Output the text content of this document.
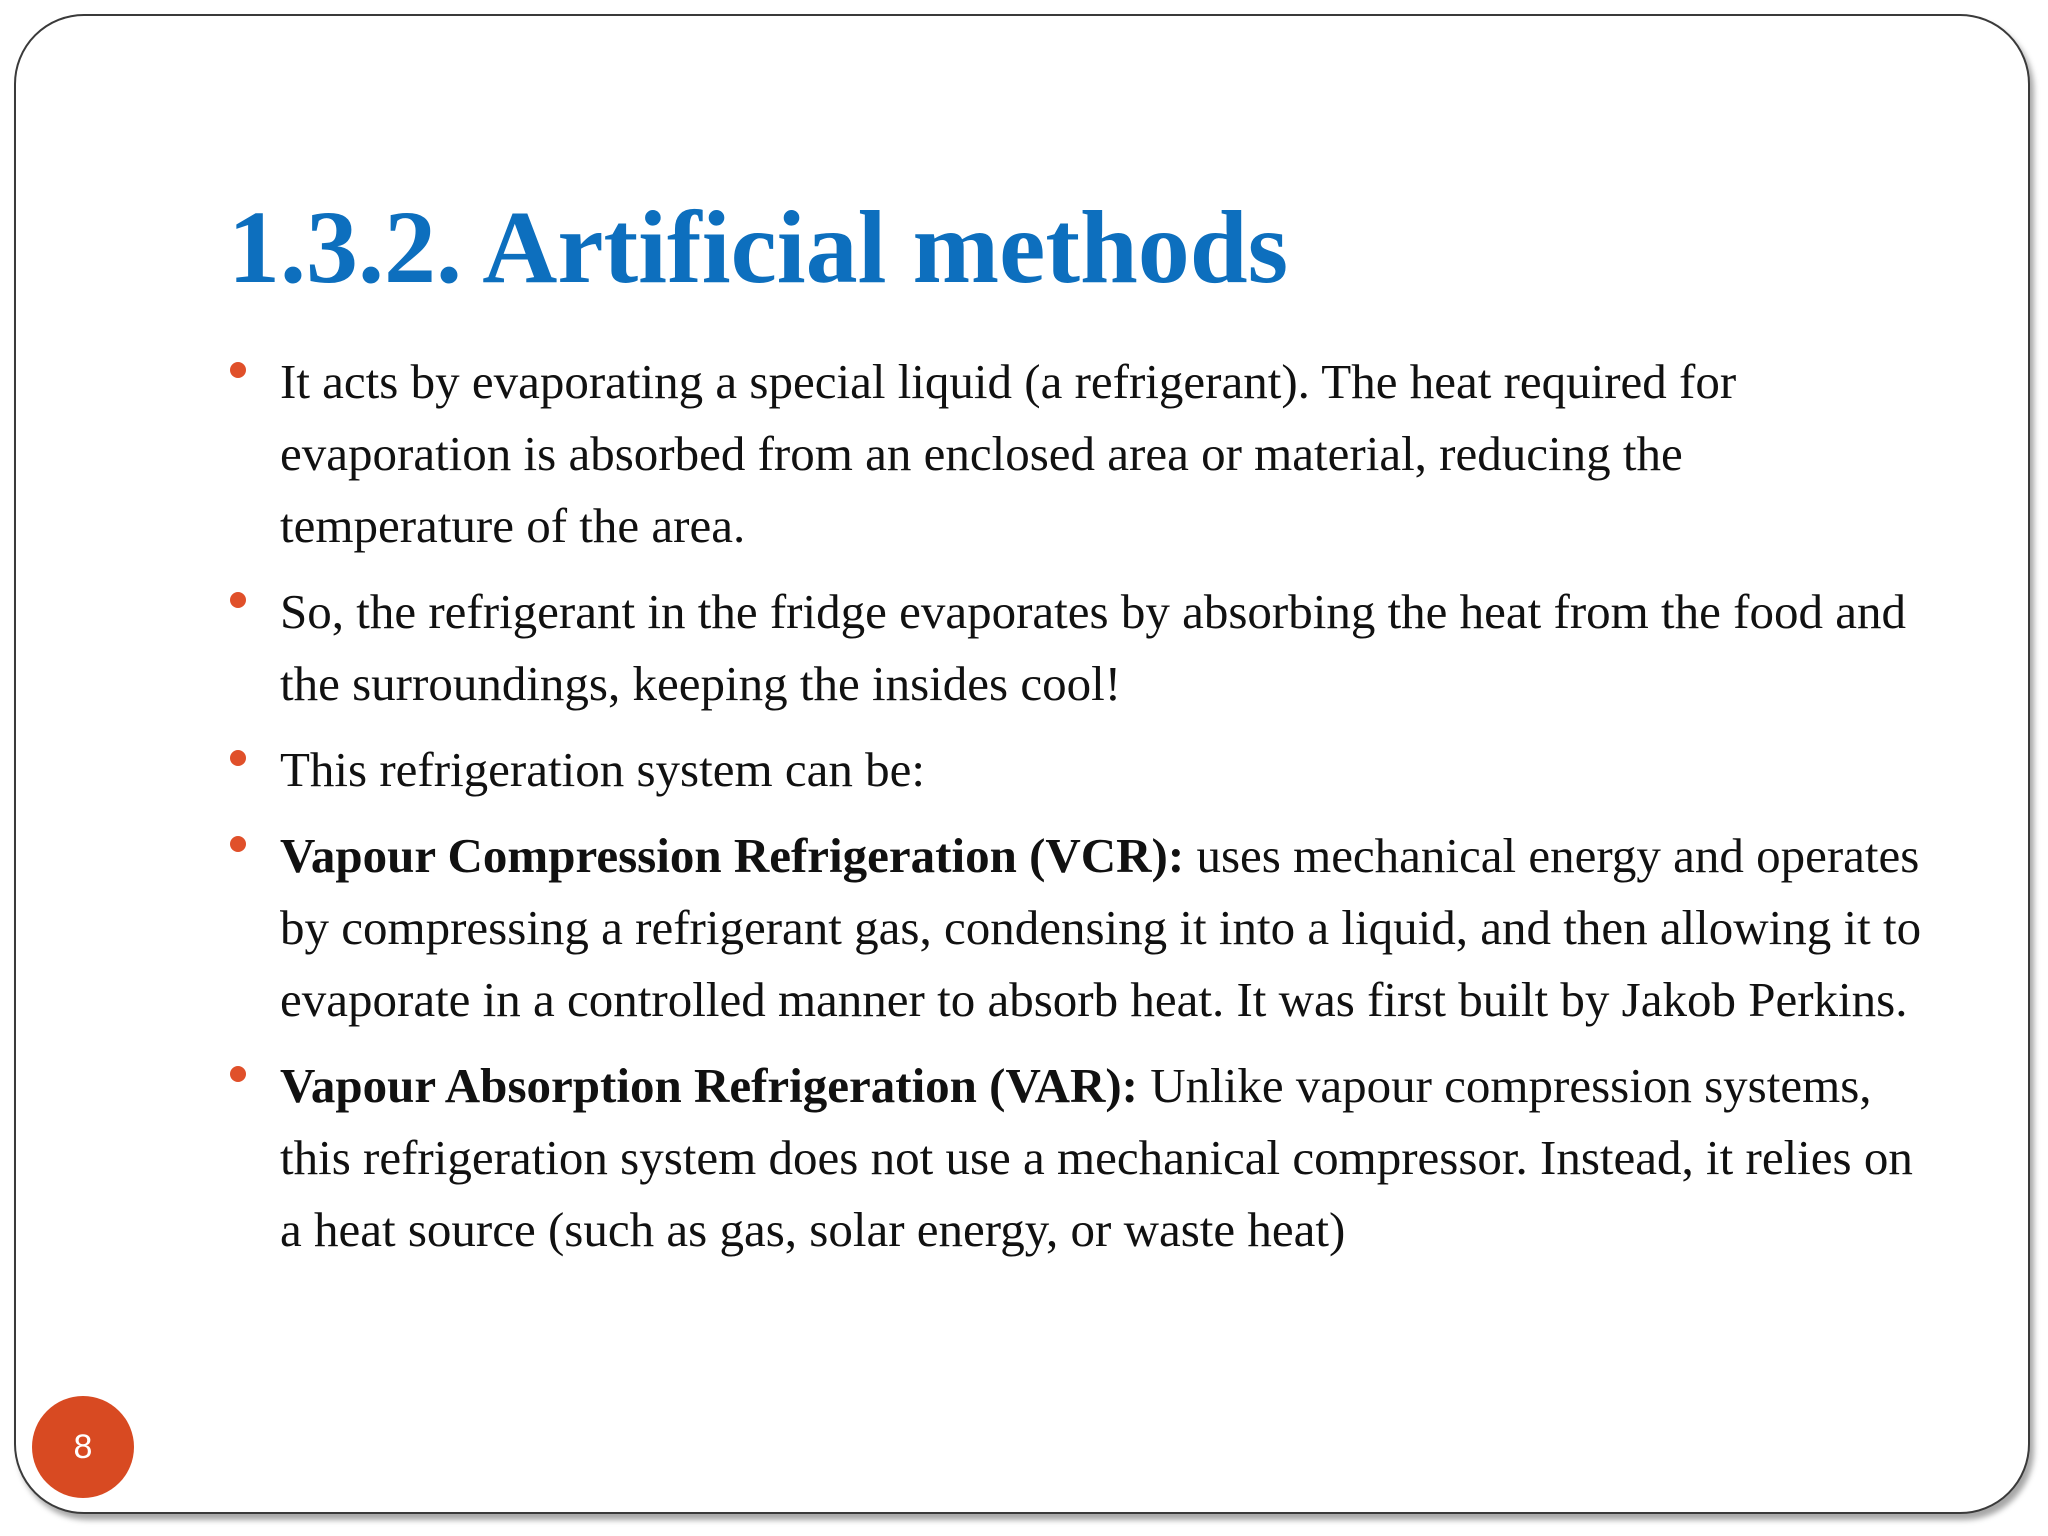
1.3.2. Artificial methods
It acts by evaporating a special liquid (a refrigerant). The heat required for evaporation is absorbed from an enclosed area or material, reducing the temperature of the area.
So, the refrigerant in the fridge evaporates by absorbing the heat from the food and the surroundings, keeping the insides cool!
This refrigeration system can be:
Vapour Compression Refrigeration (VCR): uses mechanical energy and operates by compressing a refrigerant gas, condensing it into a liquid, and then allowing it to evaporate in a controlled manner to absorb heat. It was first built by Jakob Perkins.
Vapour Absorption Refrigeration (VAR): Unlike vapour compression systems, this refrigeration system does not use a mechanical compressor. Instead, it relies on a heat source (such as gas, solar energy, or waste heat)
8
